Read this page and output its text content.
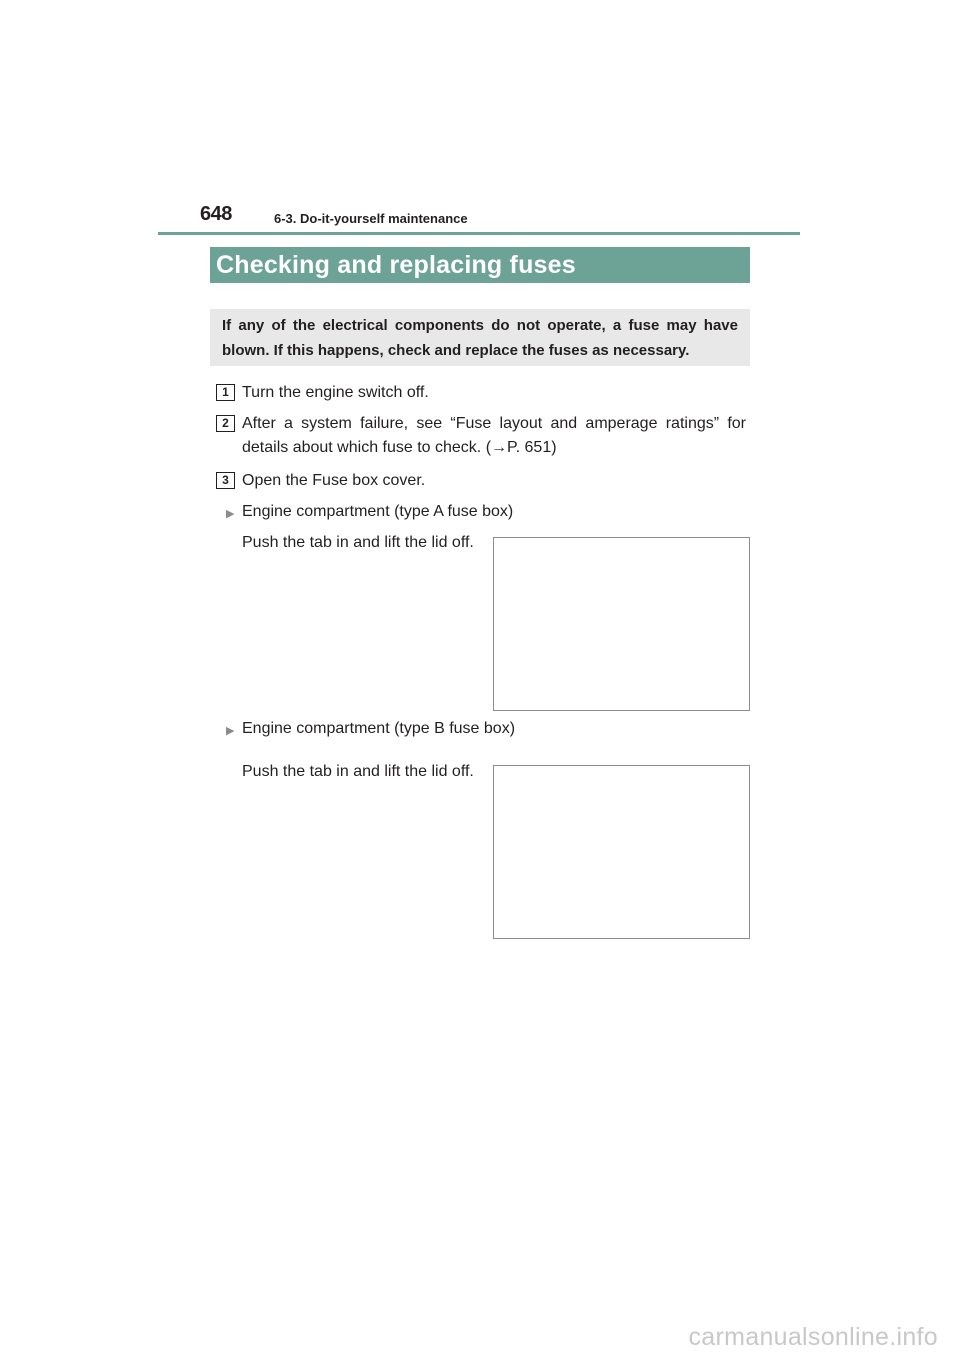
648	6-3. Do-it-yourself maintenance
Checking and replacing fuses
If any of the electrical components do not operate, a fuse may have
blown. If this happens, check and replace the fuses as necessary.
1 Turn the engine switch off.
2 After a system failure, see “Fuse layout and amperage ratings” for
details about which fuse to check. (→P. 651)
3 Open the Fuse box cover.
▶ Engine compartment (type A fuse box)
Push the tab in and lift the lid off.
▶ Engine compartment (type B fuse box)
Push the tab in and lift the lid off.
carmanualsonline.info
